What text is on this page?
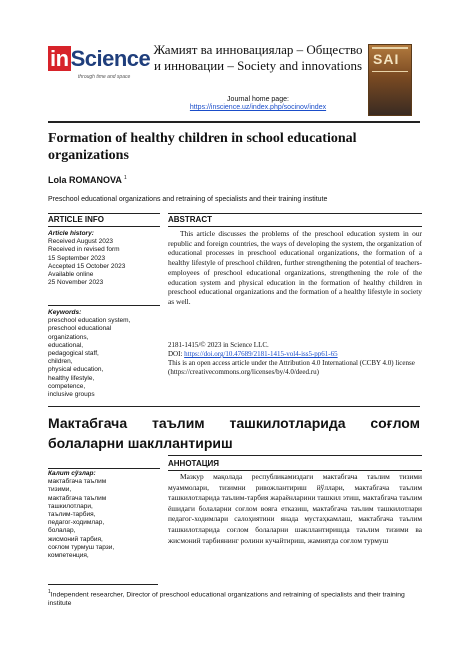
inScience
through time and space
Жамият ва инновациялар – Общество и инновации – Society and innovations
Journal home page:
https://inscience.uz/index.php/socinov/index
SAI
Formation of healthy children in school educational organizations
Lola ROMANOVA $^1$
Preschool educational organizations and retraining of specialists and their training institute
ARTICLE INFO	ABSTRACT
Article history:
Received August 2023
Received in revised form
15 September 2023
Accepted 15 October 2023
Available online
25 November 2023
Keywords:
preschool education system,
preschool educational
organizations,
educational,
pedagogical staff,
children,
physical education,
healthy lifestyle,
competence,
inclusive groups

This article discusses the problems of the preschool education system in our republic and foreign countries, the ways of developing the system, the organization of educational processes in preschool educational organizations, the formation of a healthy lifestyle of preschool children, further strengthening the potential of teachers-employees of preschool educational organizations, strengthening the role of the education system and physical education in the formation of healthy children in preschool educational organizations and the formation of a healthy lifestyle in society as well.

2181-1415/© 2023 in Science LLC.
DOI: https://doi.org/10.47689/2181-1415-vol4-iss5-pp61-65
This is an open access article under the Attribution 4.0 International (CCBY 4.0) license (https://creativecommons.org/licenses/by/4.0/deed.ru)
Мактабгача таълим ташкилотларида соғлом
болаларни шакллантириш
АННОТАЦИЯ
Калит сўзлар:
мактабгача таълим
тизими,
мактабгача таълим
ташкилотлари,
таълим-тарбия,
педагог-ходимлар,
болалар,
жисмоний тарбия,
соғлом турмуш тарзи,
компетенция,

Мазкур мақолада республикамиздаги мактабгача таълим тизими муаммолари, тизимни ривожлантириш йўллари, мактабгача таълим ташкилотларида таълим-тарбия жараёнларини ташкил этиш, мактабгача таълим ёшидаги болаларни соғлом вояга етказиш, мактабгача таълим ташкилотлари педагог-ходимлари салоҳиятини янада мустаҳкамлаш, мактабгача таълим ташкилотларида соғлом болаларни шакллантиришда таълим тизими ва жисмоний тарбиянинг ролини кучайтириш, жамиятда соғлом турмуш

$^1$Independent researcher, Director of preschool educational organizations and retraining of specialists and their training institute
